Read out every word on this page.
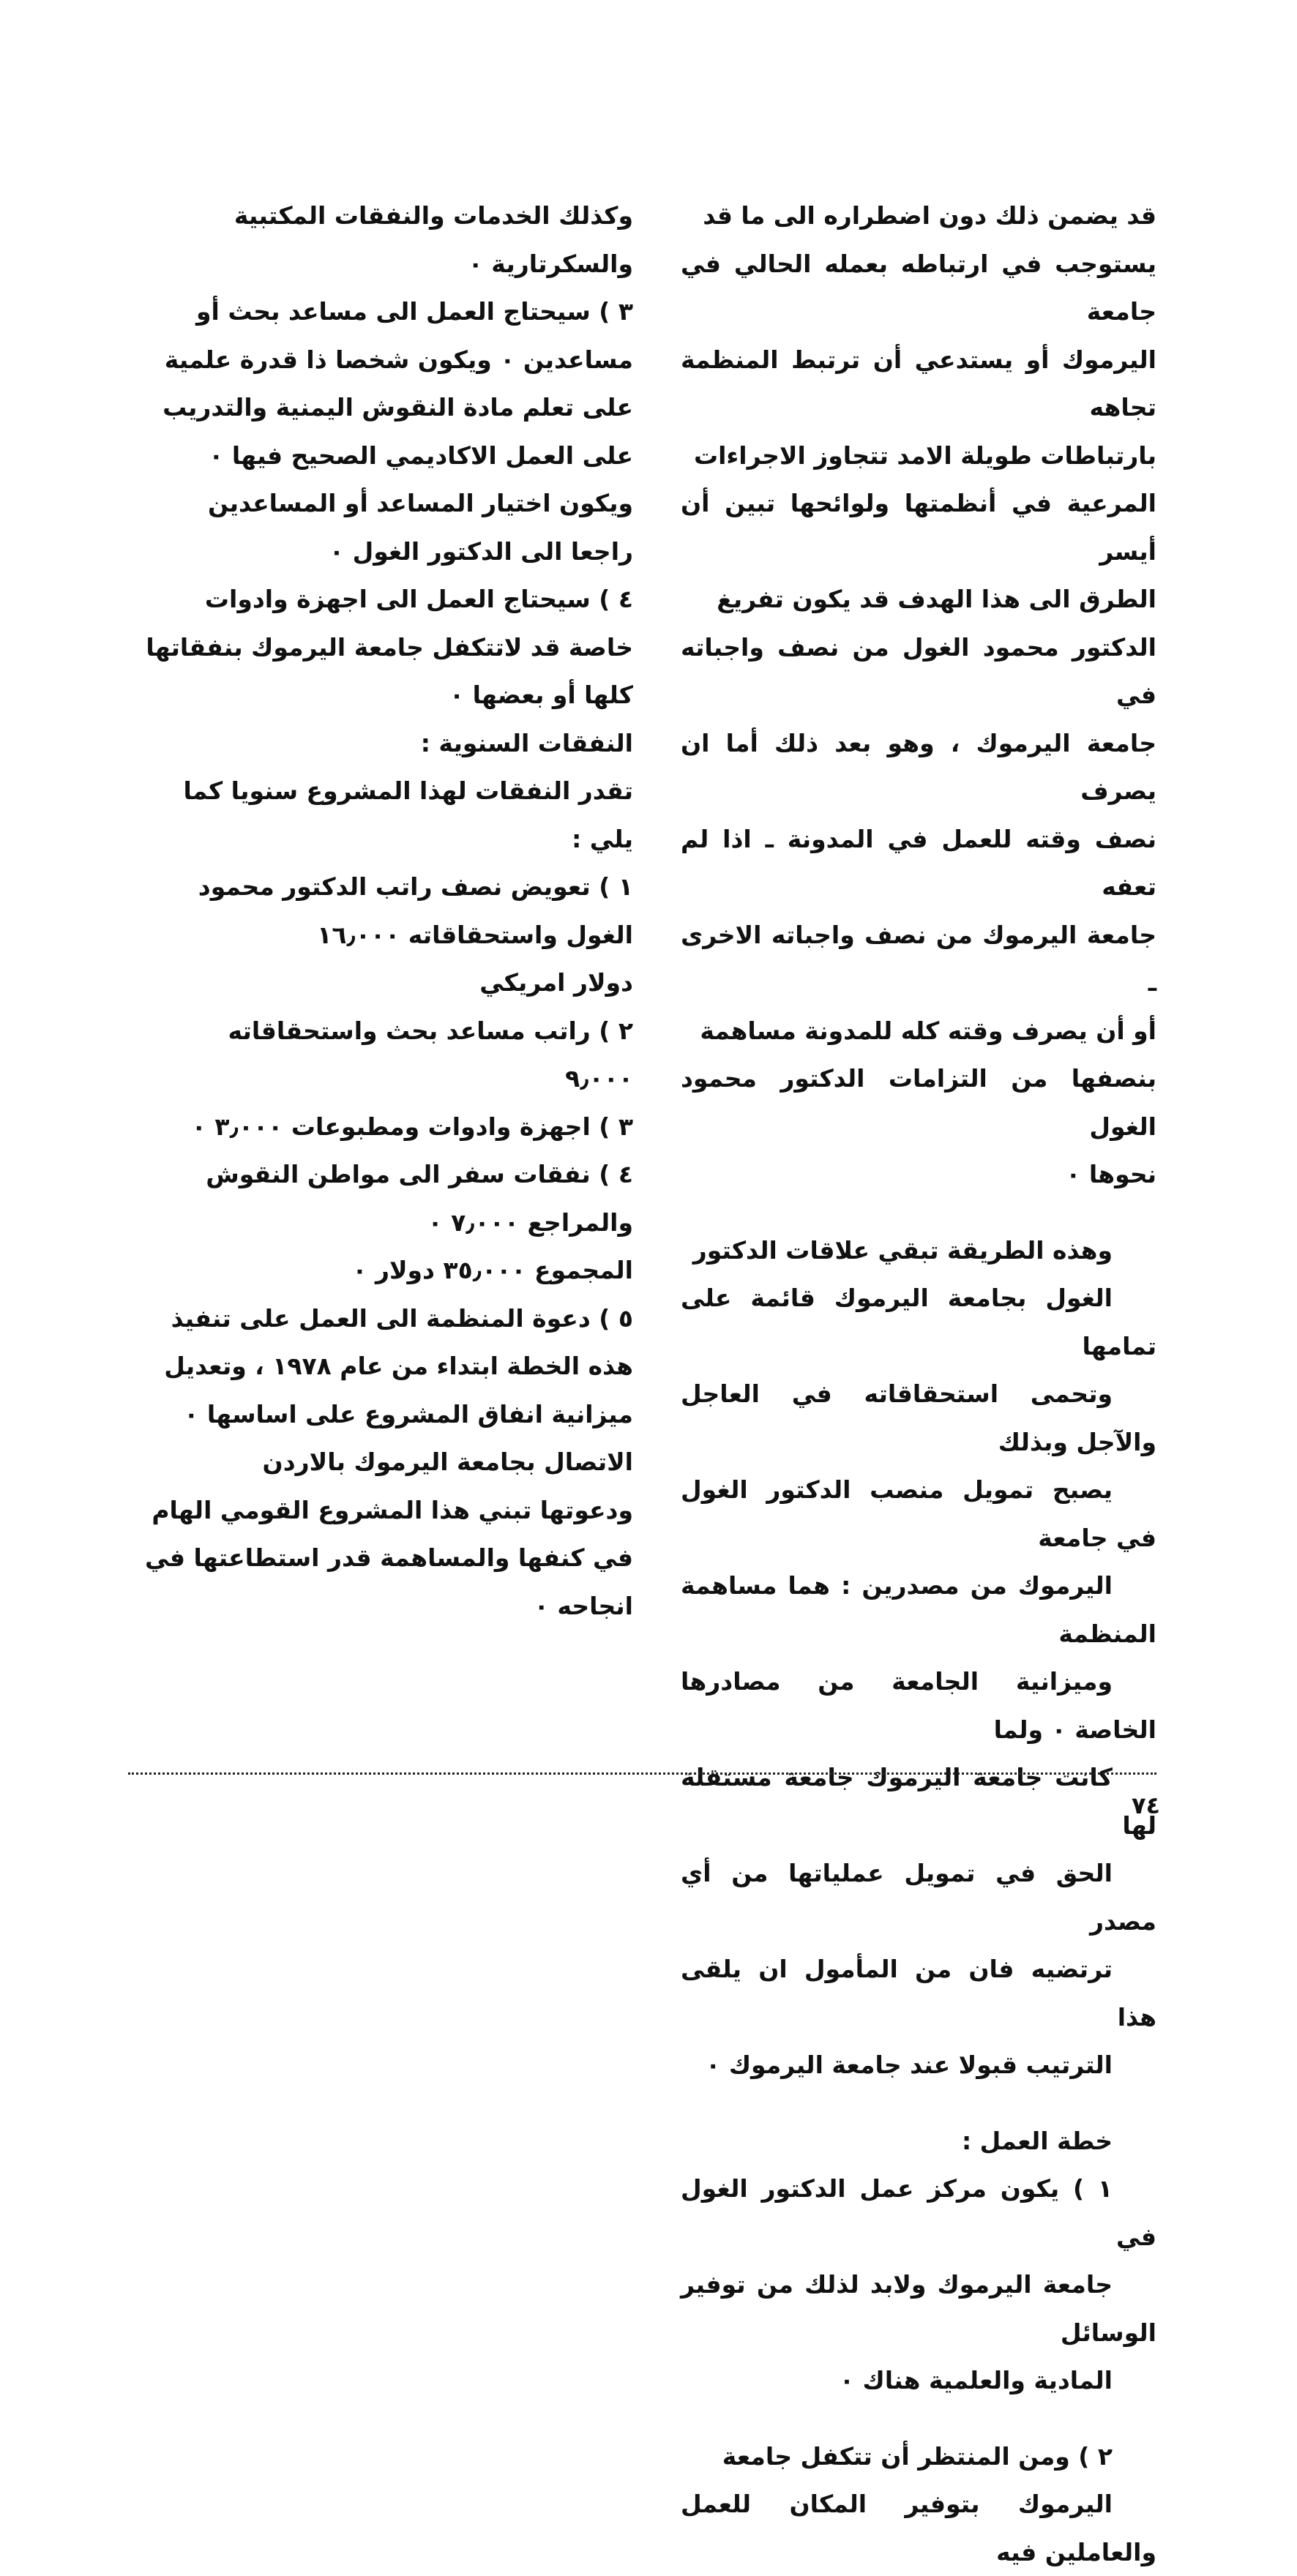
قد يضمن ذلك دون اضطراره الى ما قد
يستوجب في ارتباطه بعمله الحالي في جامعة
اليرموك أو يستدعي أن ترتبط المنظمة تجاهه
بارتباطات طويلة الامد تتجاوز الاجراءات
المرعية في أنظمتها ولوائحها تبين أن أيسر
الطرق الى هذا الهدف قد يكون تفريغ
الدكتور محمود الغول من نصف واجباته في
جامعة اليرموك ، وهو بعد ذلك أما ان يصرف
نصف وقته للعمل في المدونة ـ اذا لم تعفه
جامعة اليرموك من نصف واجباته الاخرى ـ
أو أن يصرف وقته كله للمدونة مساهمة
بنصفها من التزامات الدكتور محمود الغول
نحوها ٠

وهذه الطريقة تبقي علاقات الدكتور
الغول بجامعة اليرموك قائمة على تمامها
وتحمى استحقاقاته في العاجل والآجل وبذلك
يصبح تمويل منصب الدكتور الغول في جامعة
اليرموك من مصدرين : هما مساهمة المنظمة
وميزانية الجامعة من مصادرها الخاصة ٠ ولما
كانت جامعة اليرموك جامعة مستقلة لها
الحق في تمويل عملياتها من أي مصدر
ترتضيه فان من المأمول ان يلقى هذا
الترتيب قبولا عند جامعة اليرموك ٠

خطة العمل :

١ ) يكون مركز عمل الدكتور الغول في
جامعة اليرموك ولابد لذلك من توفير الوسائل
المادية والعلمية هناك ٠

٢ ) ومن المنتظر أن تتكفل جامعة
اليرموك بتوفير المكان للعمل والعاملين فيه

وكذلك الخدمات والنفقات المكتبية
والسكرتارية ٠
٣ ) سيحتاج العمل الى مساعد بحث أو
مساعدين ٠ ويكون شخصا ذا قدرة علمية
على تعلم مادة النقوش اليمنية والتدريب
على العمل الاكاديمي الصحيح فيها ٠
ويكون اختيار المساعد أو المساعدين
راجعا الى الدكتور الغول ٠
٤ ) سيحتاج العمل الى اجهزة وادوات
خاصة قد لاتتكفل جامعة اليرموك بنفقاتها
كلها أو بعضها ٠
النفقات السنوية :
تقدر النفقات لهذا المشروع سنويا كما
يلي :
١ ) تعويض نصف راتب الدكتور محمود
الغول واستحقاقاته ١٦٫٠٠٠
دولار امريكي
٢ ) راتب مساعد بحث واستحقاقاته
٩٫٠٠٠
٣ ) اجهزة وادوات ومطبوعات ٣٫٠٠٠ ٠
٤ ) نفقات سفر الى مواطن النقوش
والمراجع ٧٫٠٠٠ ٠
المجموع ٣٥٫٠٠٠ دولار ٠
٥ ) دعوة المنظمة الى العمل على تنفيذ
هذه الخطة ابتداء من عام ١٩٧٨ ، وتعديل
ميزانية انفاق المشروع على اساسها ٠
الاتصال بجامعة اليرموك بالاردن
ودعوتها تبني هذا المشروع القومي الهام
في كنفها والمساهمة قدر استطاعتها في
انجاحه ٠

٧٤
